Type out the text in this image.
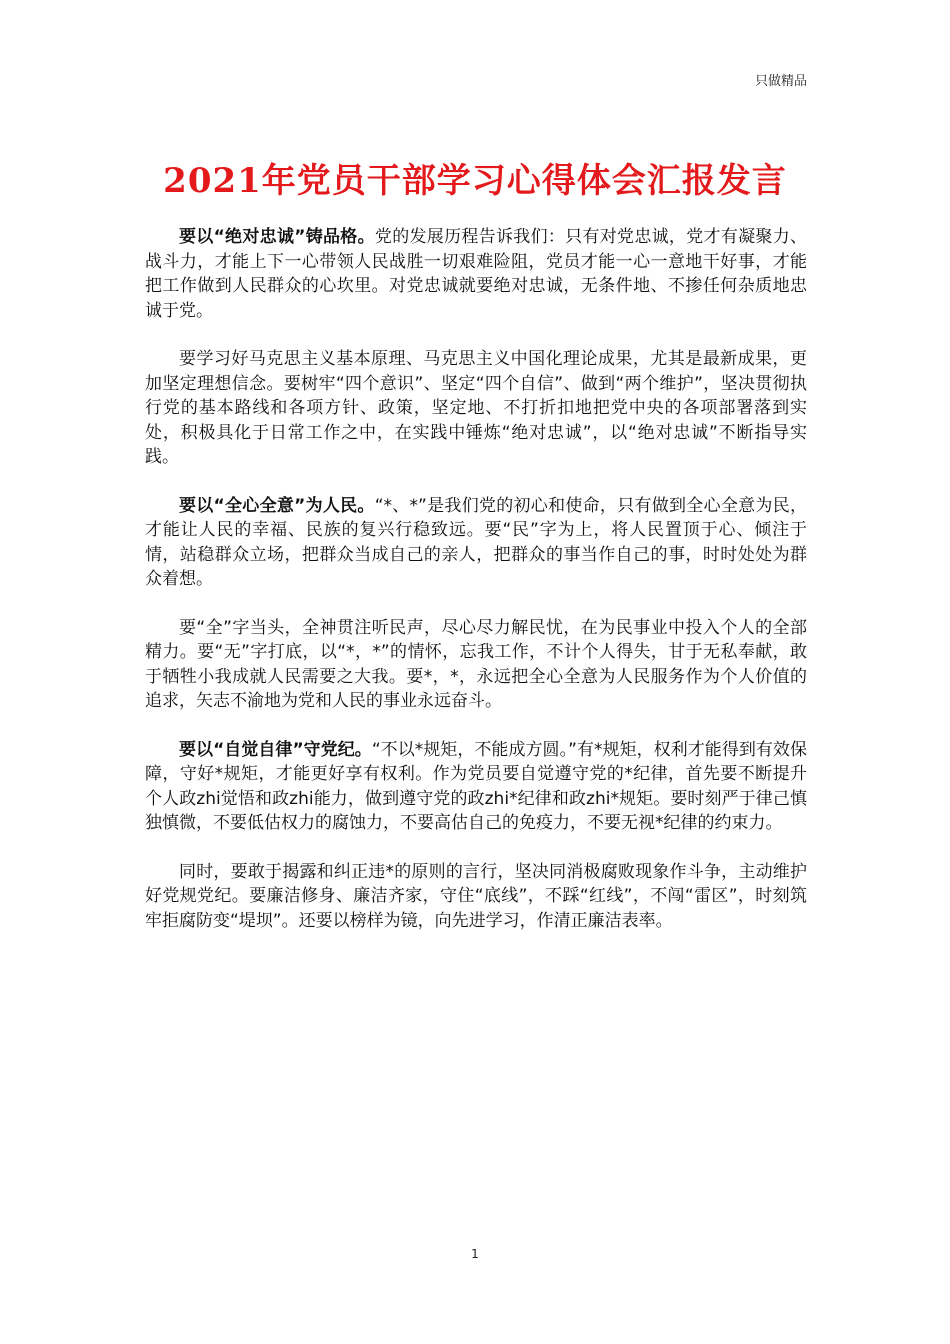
只做精品
2021年党员干部学习心得体会汇报发言

要以“绝对忠诚”铸品格。党的发展历程告诉我们：只有对党忠诚，党才有凝聚力、战斗力，才能上下一心带领人民战胜一切艰难险阻，党员才能一心一意地干好事，才能把工作做到人民群众的心坎里。对党忠诚就要绝对忠诚，无条件地、不掺任何杂质地忠诚于党。

要学习好马克思主义基本原理、马克思主义中国化理论成果，尤其是最新成果，更加坚定理想信念。要树牢“四个意识”、坚定“四个自信”、做到“两个维护”，坚决贯彻执行党的基本路线和各项方针、政策，坚定地、不打折扣地把党中央的各项部署落到实处，积极具化于日常工作之中，在实践中锤炼“绝对忠诚”，以“绝对忠诚”不断指导实践。

要以“全心全意”为人民。“*、*”是我们党的初心和使命，只有做到全心全意为民，才能让人民的幸福、民族的复兴行稳致远。要“民”字为上，将人民置顶于心、倾注于情，站稳群众立场，把群众当成自己的亲人，把群众的事当作自己的事，时时处处为群众着想。

要“全”字当头，全神贯注听民声，尽心尽力解民忧，在为民事业中投入个人的全部精力。要“无”字打底，以“*，*”的情怀，忘我工作，不计个人得失，甘于无私奉献，敢于牺牲小我成就人民需要之大我。要*，*，永远把全心全意为人民服务作为个人价值的追求，矢志不渝地为党和人民的事业永远奋斗。

要以“自觉自律”守党纪。“不以*规矩，不能成方圆。”有*规矩，权利才能得到有效保障，守好*规矩，才能更好享有权利。作为党员要自觉遵守党的*纪律，首先要不断提升个人政zhi觉悟和政zhi能力，做到遵守党的政zhi*纪律和政zhi*规矩。要时刻严于律己慎独慎微，不要低估权力的腐蚀力，不要高估自己的免疫力，不要无视*纪律的约束力。

同时，要敢于揭露和纠正违*的原则的言行，坚决同消极腐败现象作斗争，主动维护好党规党纪。要廉洁修身、廉洁齐家，守住“底线”，不踩“红线”，不闯“雷区”，时刻筑牢拒腐防变“堤坝”。还要以榜样为镜，向先进学习，作清正廉洁表率。

1
